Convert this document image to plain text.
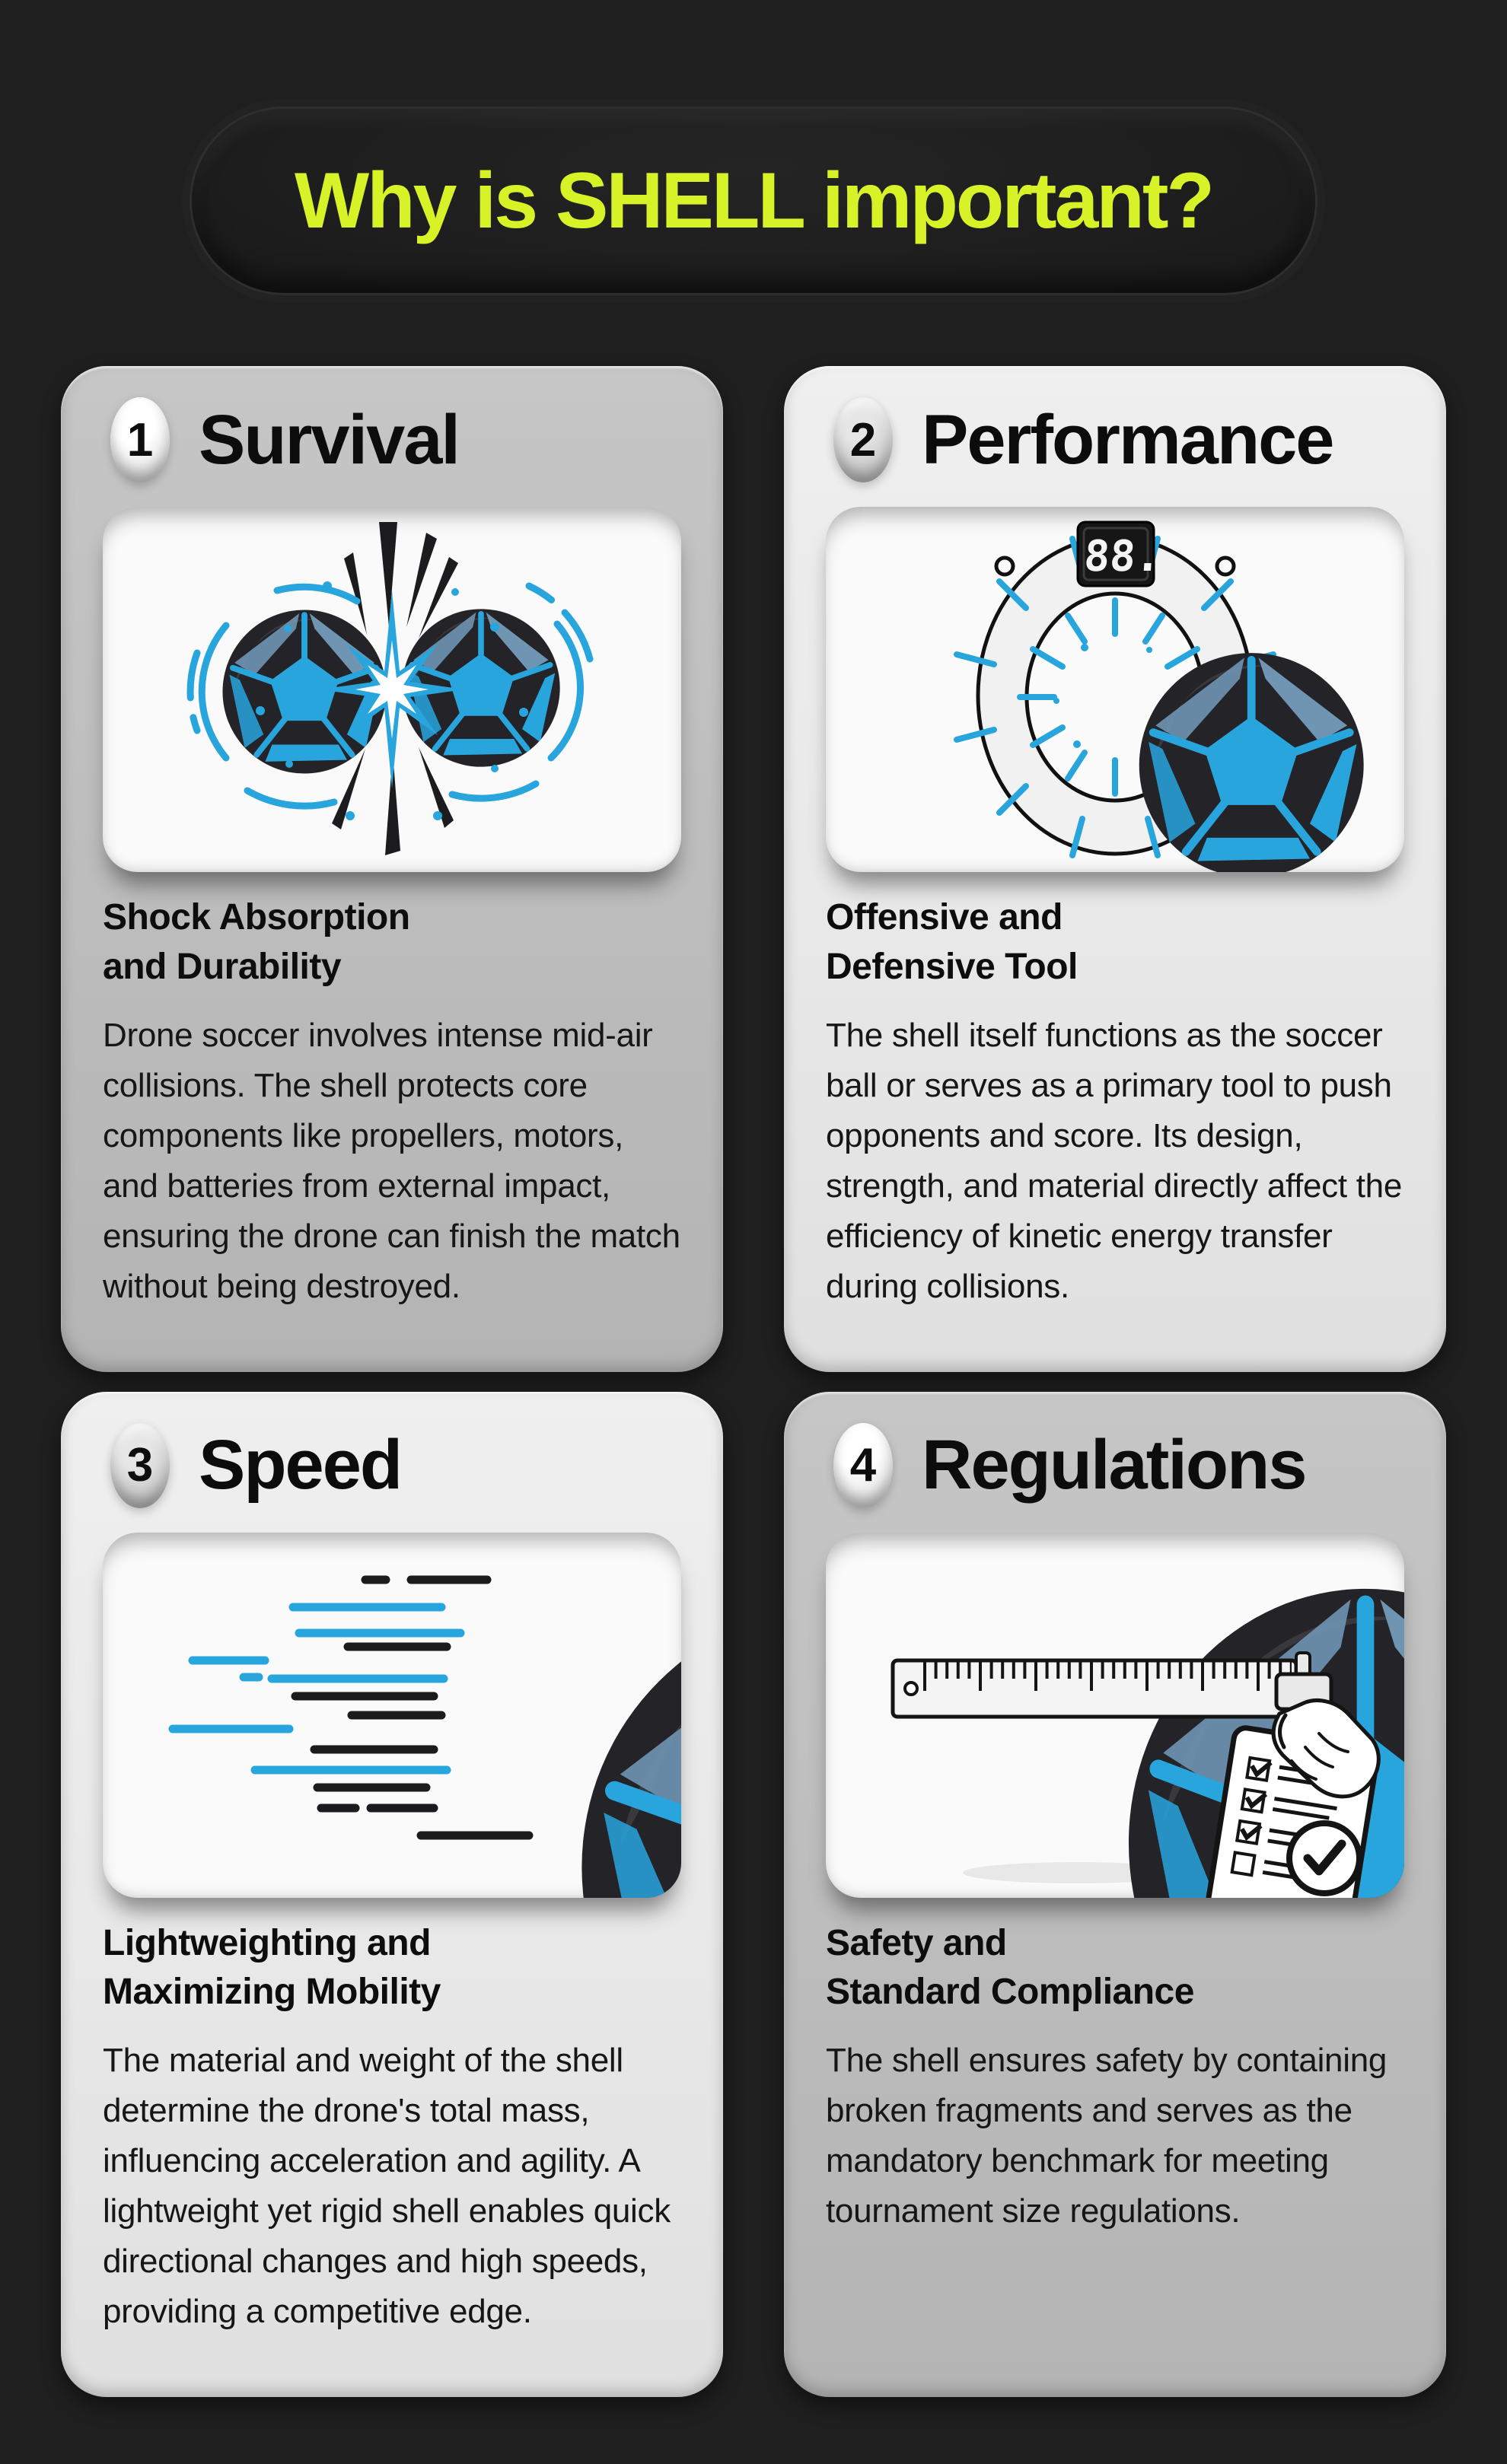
Why is SHELL important?
1 Survival
Shock Absorption
and Durability

Drone soccer involves intense mid-air collisions. The shell protects core components like propellers, motors, and batteries from external impact, ensuring the drone can finish the match without being destroyed.

2 Performance
88.
Offensive and
Defensive Tool

The shell itself functions as the soccer ball or serves as a primary tool to push opponents and score. Its design, strength, and material directly affect the efficiency of kinetic energy transfer during collisions.

3 Speed
Lightweighting and
Maximizing Mobility

The material and weight of the shell determine the drone's total mass, influencing acceleration and agility. A lightweight yet rigid shell enables quick directional changes and high speeds, providing a competitive edge.

4 Regulations
Safety and
Standard Compliance

The shell ensures safety by containing broken fragments and serves as the mandatory benchmark for meeting tournament size regulations.
